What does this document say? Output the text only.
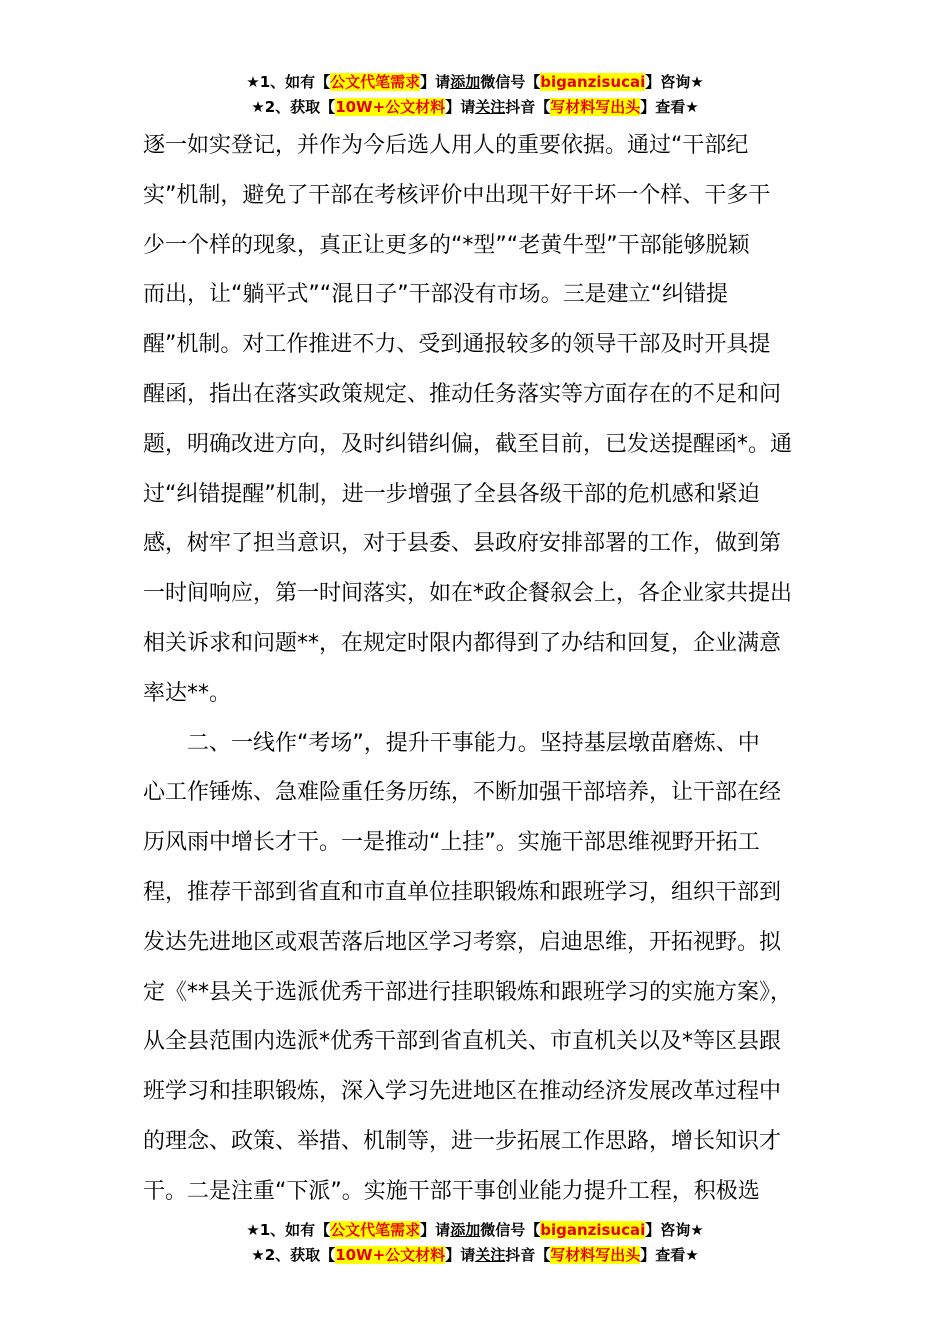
★1、如有【公文代笔需求】请添加微信号【biganzisucai】咨询★
★2、获取【10W+公文材料】请关注抖音【写材料写出头】查看★
逐一如实登记，并作为今后选人用人的重要依据。通过“干部纪
实”机制，避免了干部在考核评价中出现干好干坏一个样、干多干
少一个样的现象，真正让更多的“*型”“老黄牛型”干部能够脱颖
而出，让“躺平式”“混日子”干部没有市场。三是建立“纠错提
醒”机制。对工作推进不力、受到通报较多的领导干部及时开具提
醒函，指出在落实政策规定、推动任务落实等方面存在的不足和问
题，明确改进方向，及时纠错纠偏，截至目前，已发送提醒函*。通
过“纠错提醒”机制，进一步增强了全县各级干部的危机感和紧迫
感，树牢了担当意识，对于县委、县政府安排部署的工作，做到第
一时间响应，第一时间落实，如在*政企餐叙会上，各企业家共提出
相关诉求和问题**，在规定时限内都得到了办结和回复，企业满意
率达**。
　　二、一线作“考场”，提升干事能力。坚持基层墩苗磨炼、中
心工作锤炼、急难险重任务历练，不断加强干部培养，让干部在经
历风雨中增长才干。一是推动“上挂”。实施干部思维视野开拓工
程，推荐干部到省直和市直单位挂职锻炼和跟班学习，组织干部到
发达先进地区或艰苦落后地区学习考察，启迪思维，开拓视野。拟
定《**县关于选派优秀干部进行挂职锻炼和跟班学习的实施方案》，
从全县范围内选派*优秀干部到省直机关、市直机关以及*等区县跟
班学习和挂职锻炼，深入学习先进地区在推动经济发展改革过程中
的理念、政策、举措、机制等，进一步拓展工作思路，增长知识才
干。二是注重“下派”。实施干部干事创业能力提升工程，积极选
★1、如有【公文代笔需求】请添加微信号【biganzisucai】咨询★
★2、获取【10W+公文材料】请关注抖音【写材料写出头】查看★
